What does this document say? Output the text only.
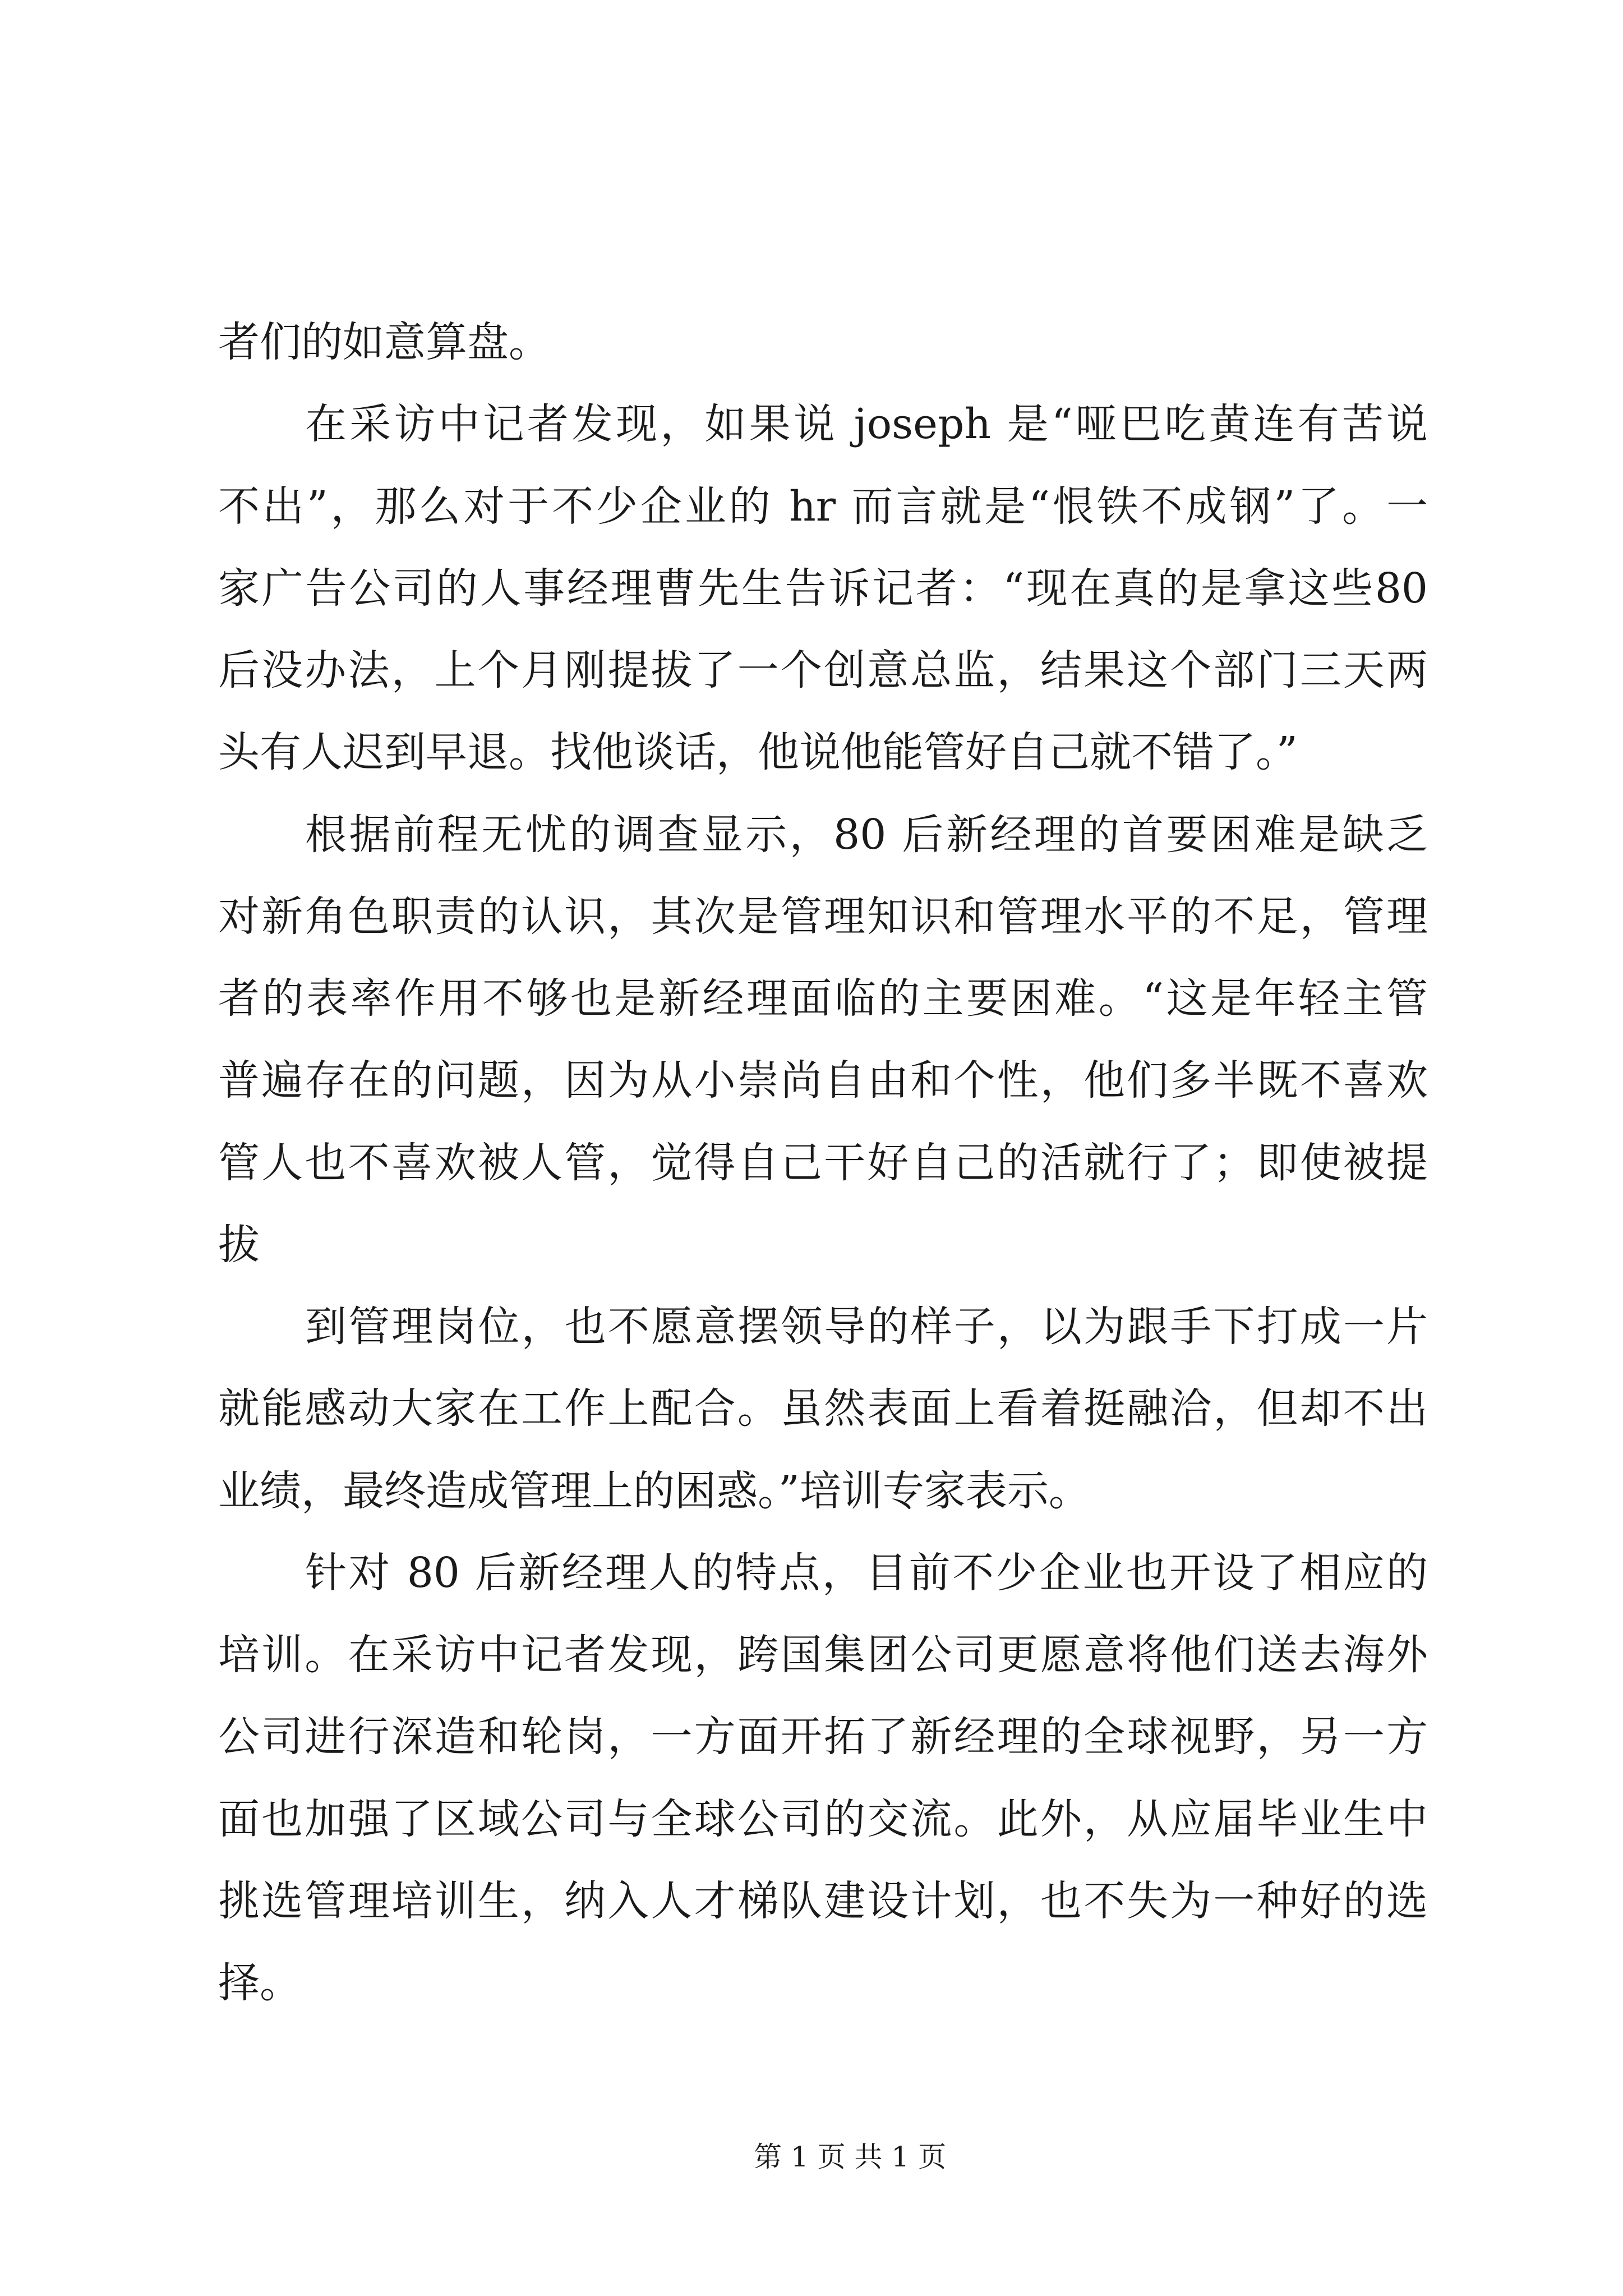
者们的如意算盘。
在采访中记者发现，如果说 joseph 是“哑巴吃黄连有苦说
不出”，那么对于不少企业的 hr 而言就是“恨铁不成钢”了。一
家广告公司的人事经理曹先生告诉记者：“现在真的是拿这些80
后没办法，上个月刚提拔了一个创意总监，结果这个部门三天两
头有人迟到早退。找他谈话，他说他能管好自己就不错了。”
根据前程无忧的调查显示，80 后新经理的首要困难是缺乏
对新角色职责的认识，其次是管理知识和管理水平的不足，管理
者的表率作用不够也是新经理面临的主要困难。“这是年轻主管
普遍存在的问题，因为从小崇尚自由和个性，他们多半既不喜欢
管人也不喜欢被人管，觉得自己干好自己的活就行了；即使被提
拔
到管理岗位，也不愿意摆领导的样子，以为跟手下打成一片
就能感动大家在工作上配合。虽然表面上看着挺融洽，但却不出
业绩，最终造成管理上的困惑。”培训专家表示。
针对 80 后新经理人的特点，目前不少企业也开设了相应的
培训。在采访中记者发现，跨国集团公司更愿意将他们送去海外
公司进行深造和轮岗，一方面开拓了新经理的全球视野，另一方
面也加强了区域公司与全球公司的交流。此外，从应届毕业生中
挑选管理培训生，纳入人才梯队建设计划，也不失为一种好的选
择。
第 1 页 共 1 页
